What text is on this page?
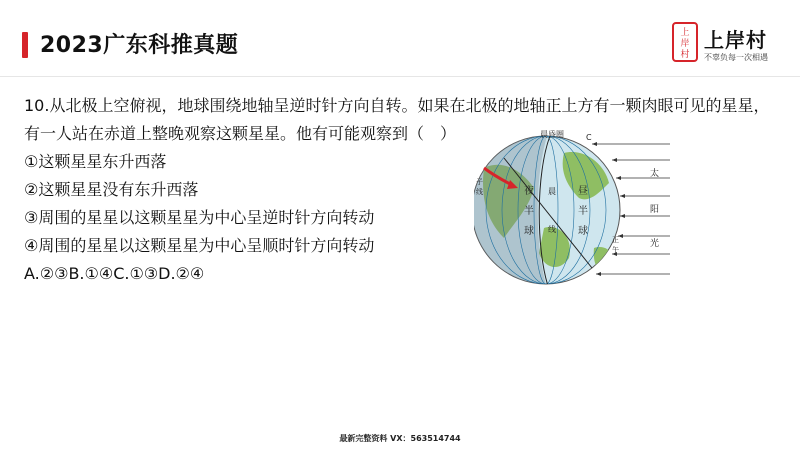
2023广东科推真题	上
岸
村
上岸村
不辜负每一次相遇
10.从北极上空俯视，地球围绕地轴呈逆时针方向自转。如果在北极的地轴正上方有一颗肉眼可见的星星，
有一人站在赤道上整晚观察这颗星星。他有可能观察到（　）
①这颗星星东升西落
②这颗星星没有东升西落
③周围的星星以这颗星星为中心呈逆时针方向转动
④周围的星星以这颗星星为中心呈顺时针方向转动
A.②③B.①④C.①③D.②④
晨昏圈	C
太
阳
光
夜
半
球
昼
半
球
晨
线
子
线
正
午
最新完整资料 VX：563514744
